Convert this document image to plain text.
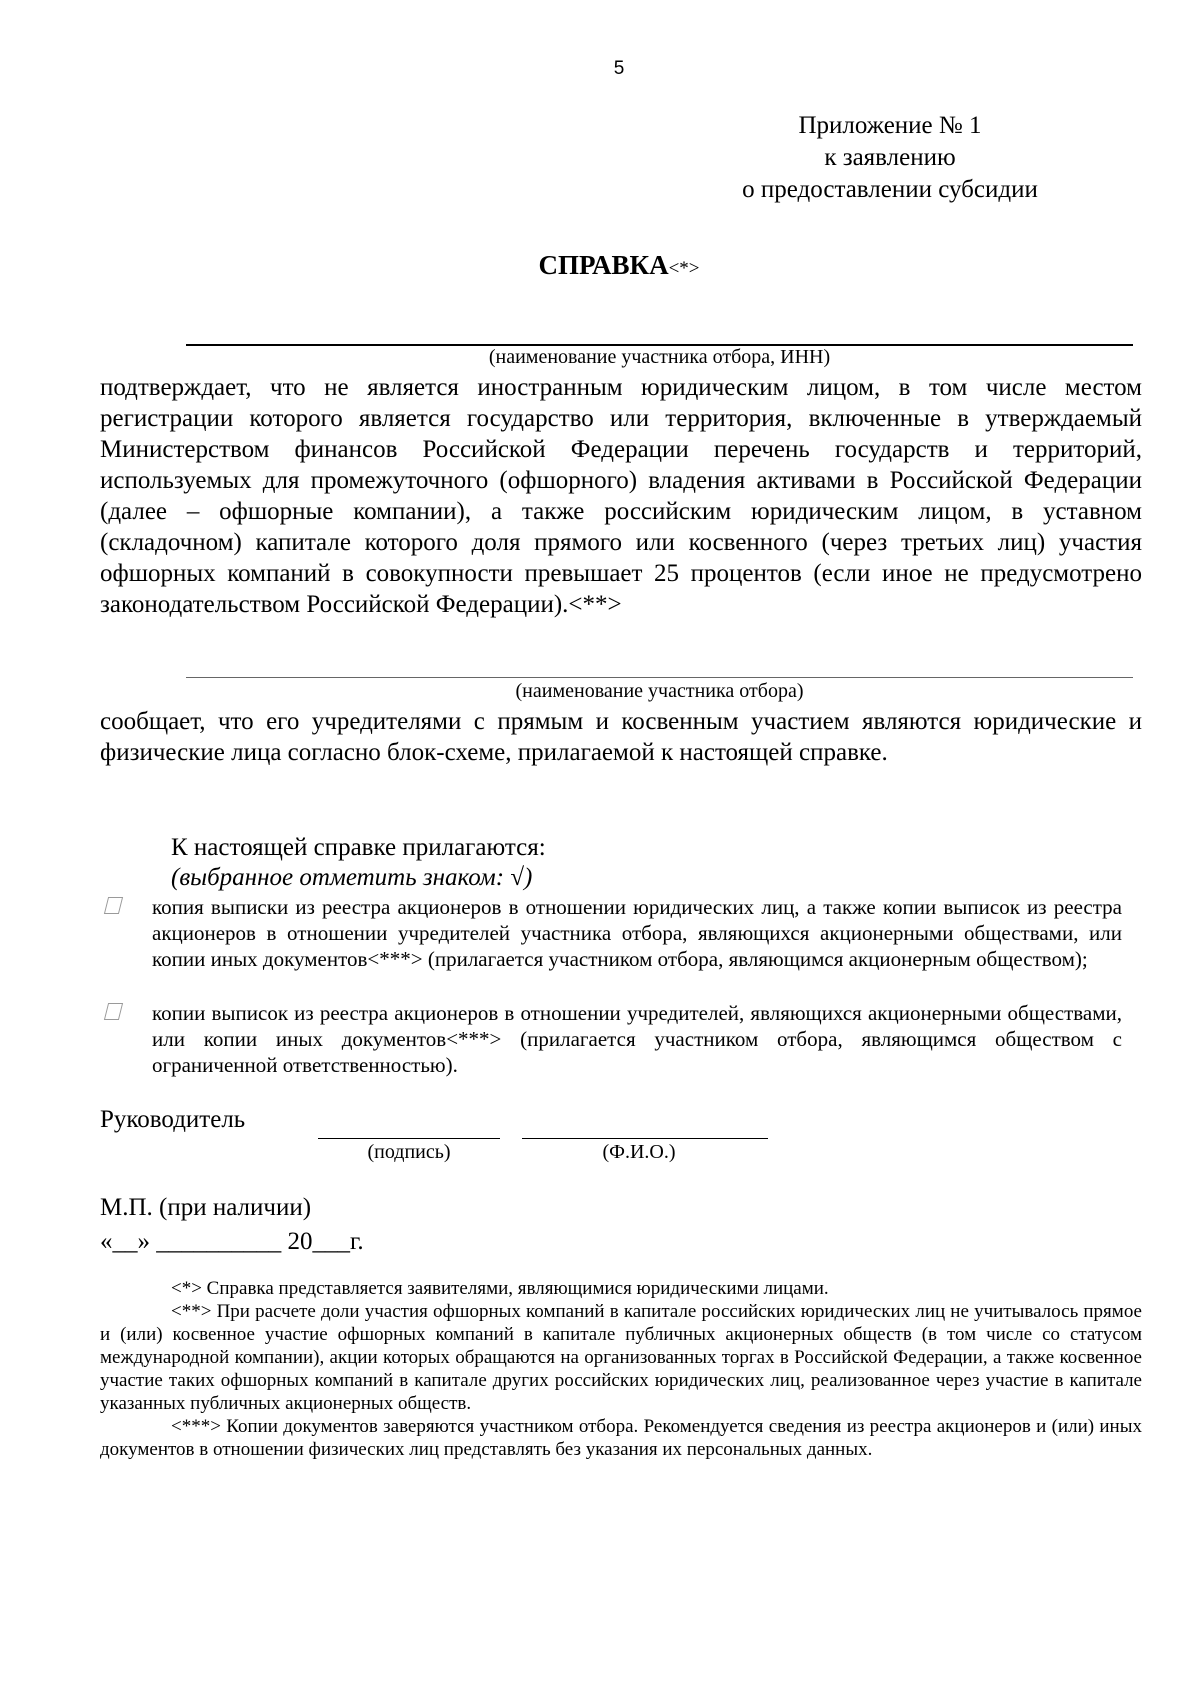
5
Приложение № 1
к заявлению
о предоставлении субсидии
СПРАВКА<*>
(наименование участника отбора, ИНН)
подтверждает, что не является иностранным юридическим лицом, в том числе местом регистрации которого является государство или территория, включенные в утверждаемый Министерством финансов Российской Федерации перечень государств и территорий, используемых для промежуточного (офшорного) владения активами в Российской Федерации (далее – офшорные компании), а также российским юридическим лицом, в уставном (складочном) капитале которого доля прямого или косвенного (через третьих лиц) участия офшорных компаний в совокупности превышает 25 процентов (если иное не предусмотрено законодательством Российской Федерации).<**>
(наименование участника отбора)
сообщает, что его учредителями с прямым и косвенным участием являются юридические и физические лица согласно блок-схеме, прилагаемой к настоящей справке.
К настоящей справке прилагаются:
(выбранное отметить знаком: √)
копия выписки из реестра акционеров в отношении юридических лиц, а также копии выписок из реестра акционеров в отношении учредителей участника отбора, являющихся акционерными обществами, или копии иных документов<***> (прилагается участником отбора, являющимся акционерным обществом);
копии выписок из реестра акционеров в отношении учредителей, являющихся акционерными обществами, или копии иных документов<***> (прилагается участником отбора, являющимся обществом с ограниченной ответственностью).
Руководитель
(подпись)	(Ф.И.О.)
М.П. (при наличии)
«__» __________ 20___г.

<*> Справка представляется заявителями, являющимися юридическими лицами.

<**> При расчете доли участия офшорных компаний в капитале российских юридических лиц не учитывалось прямое и (или) косвенное участие офшорных компаний в капитале публичных акционерных обществ (в том числе со статусом международной компании), акции которых обращаются на организованных торгах в Российской Федерации, а также косвенное участие таких офшорных компаний в капитале других российских юридических лиц, реализованное через участие в капитале указанных публичных акционерных обществ.

<***> Копии документов заверяются участником отбора. Рекомендуется сведения из реестра акционеров и (или) иных документов в отношении физических лиц представлять без указания их персональных данных.
